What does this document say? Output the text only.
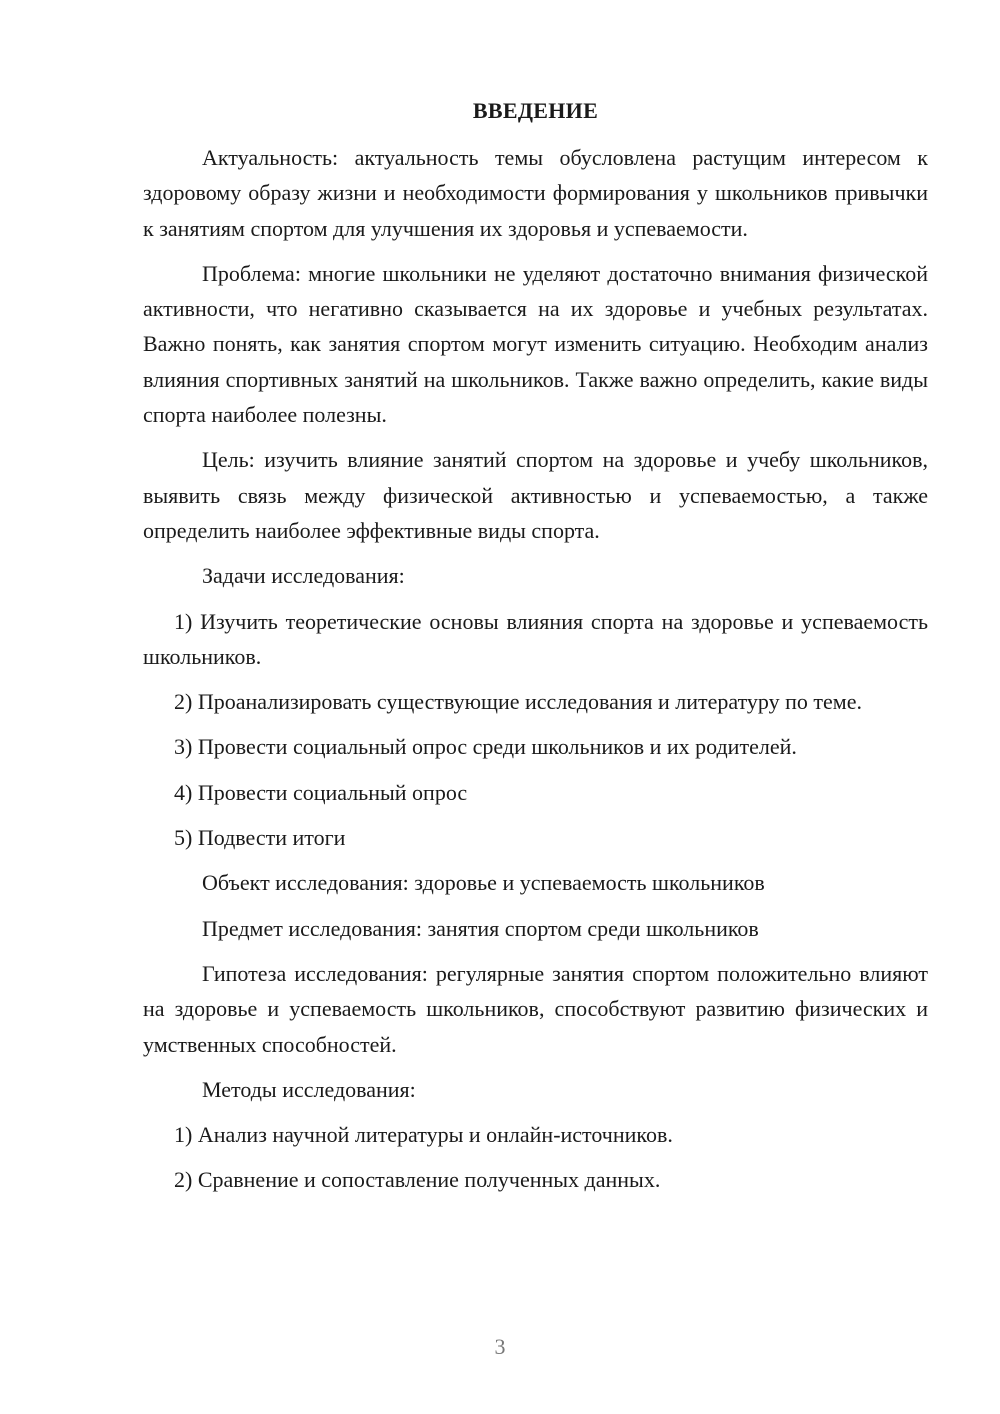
ВВЕДЕНИЕ

Актуальность: актуальность темы обусловлена растущим интересом к здоровому образу жизни и необходимости формирования у школьников привычки к занятиям спортом для улучшения их здоровья и успеваемости.

Проблема: многие школьники не уделяют достаточно внимания физической активности, что негативно сказывается на их здоровье и учебных результатах. Важно понять, как занятия спортом могут изменить ситуацию. Необходим анализ влияния спортивных занятий на школьников. Также важно определить, какие виды спорта наиболее полезны.

Цель: изучить влияние занятий спортом на здоровье и учебу школьников, выявить связь между физической активностью и успеваемостью, а также определить наиболее эффективные виды спорта.

Задачи исследования:

1) Изучить теоретические основы влияния спорта на здоровье и успеваемость школьников.

2) Проанализировать существующие исследования и литературу по теме.

3) Провести социальный опрос среди школьников и их родителей.

4) Провести социальный опрос

5) Подвести итоги

Объект исследования: здоровье и успеваемость школьников

Предмет исследования: занятия спортом среди школьников

Гипотеза исследования: регулярные занятия спортом положительно влияют на здоровье и успеваемость школьников, способствуют развитию физических и умственных способностей.

Методы исследования:

1) Анализ научной литературы и онлайн-источников.

2) Сравнение и сопоставление полученных данных.

3
